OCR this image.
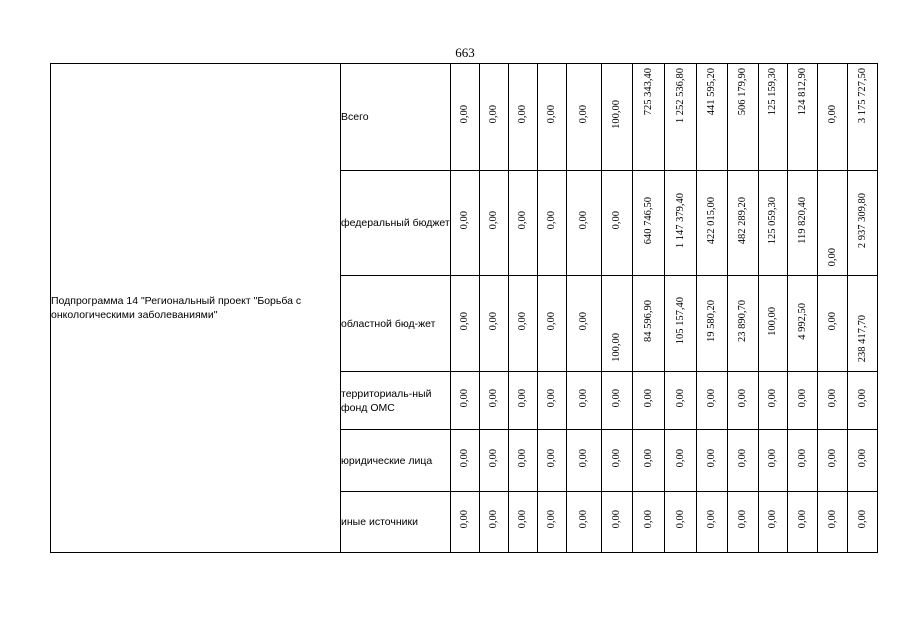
663
Подпрограмма 14 "Региональный проект "Борьба с онкологическими заболеваниями"	Всего	0,00	0,00	0,00	0,00	0,00	100,00	725 343,40	1 252 536,80	441 595,20	506 179,90	125 159,30	124 812,90	0,00	3 175 727,50
	федеральный бюджет	0,00	0,00	0,00	0,00	0,00	0,00	640 746,50	1 147 379,40	422 015,00	482 289,20	125 059,30	119 820,40	0,00	2 937 309,80
	областной бюд-жет	0,00	0,00	0,00	0,00	0,00	100,00	84 596,90	105 157,40	19 580,20	23 890,70	100,00	4 992,50	0,00	238 417,70
	территориаль-ный фонд ОМС	0,00	0,00	0,00	0,00	0,00	0,00	0,00	0,00	0,00	0,00	0,00	0,00	0,00	0,00
	юридические лица	0,00	0,00	0,00	0,00	0,00	0,00	0,00	0,00	0,00	0,00	0,00	0,00	0,00	0,00
	иные источники	0,00	0,00	0,00	0,00	0,00	0,00	0,00	0,00	0,00	0,00	0,00	0,00	0,00	0,00
